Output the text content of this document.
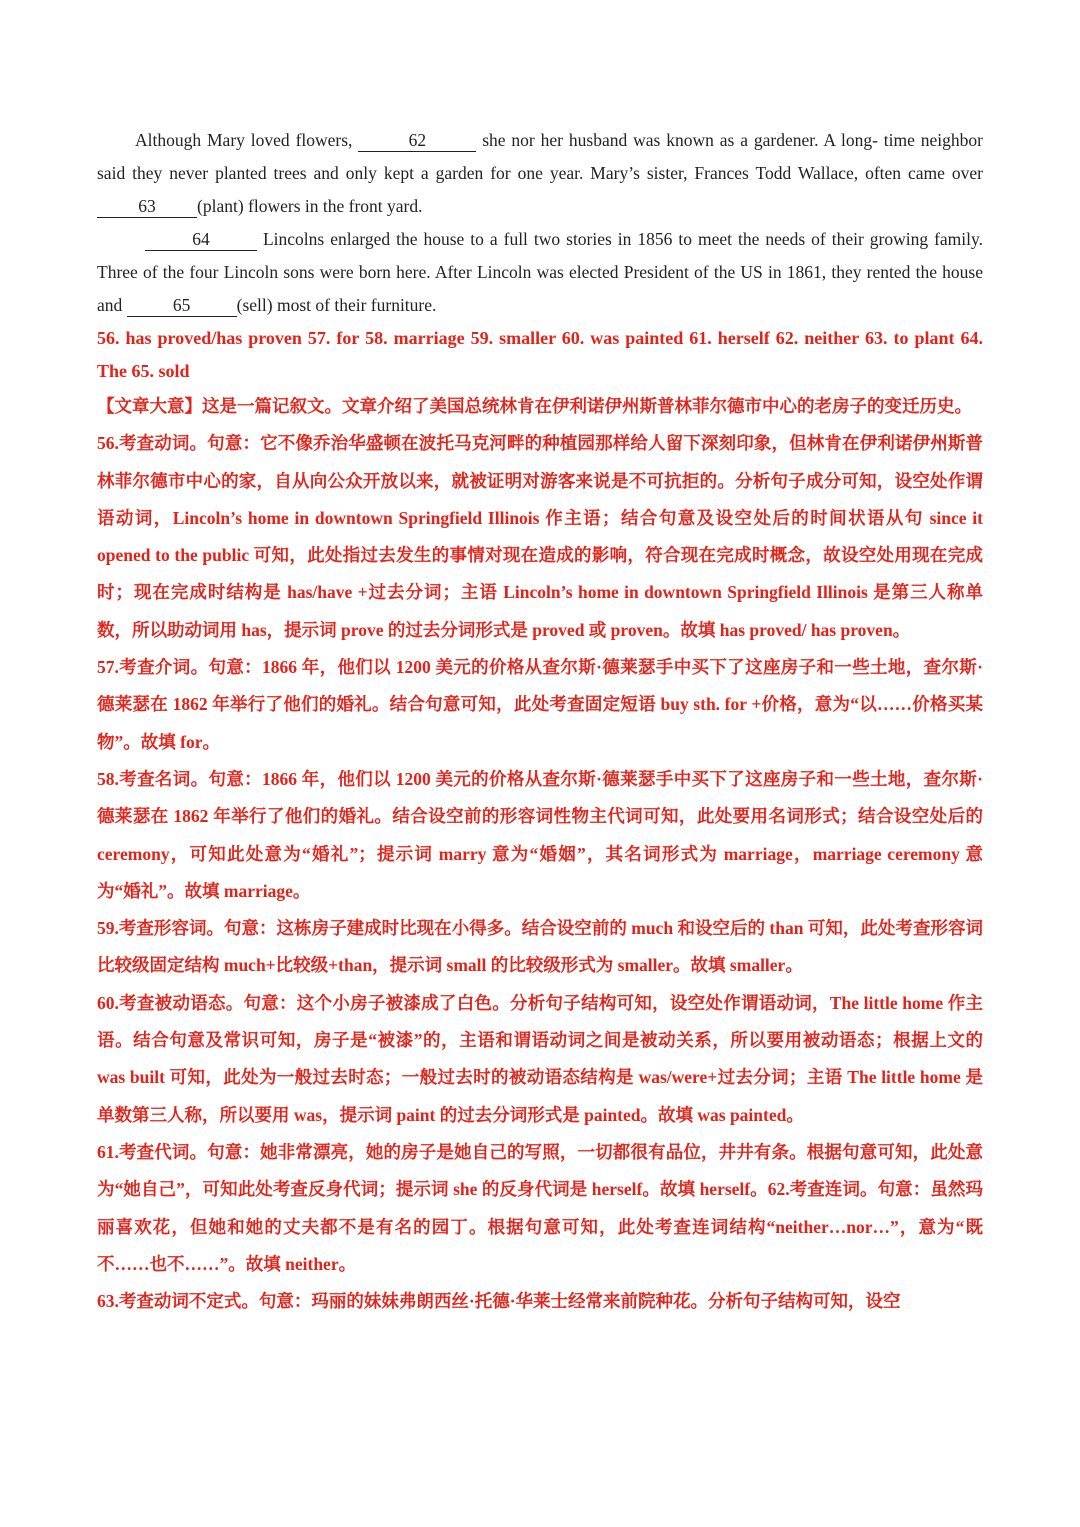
Although Mary loved flowers,	62	she nor her husband was known as a gardener. A long- time neighbor said they never planted trees and only kept a garden for one year. Mary’s sister, Frances Todd Wallace, often came over 63 (plant) flowers in the front yard.

64	Lincolns enlarged the house to a full two stories in 1856 to meet the needs of their growing family. Three of the four Lincoln sons were born here. After Lincoln was elected President of the US in 1861, they rented the house and	65	(sell) most of their furniture.

56. has proved/has proven 57. for 58. marriage 59. smaller 60. was painted 61. herself 62. neither 63. to plant 64. The 65. sold

【文章大意】这是一篇记叙文。文章介绍了美国总统林肯在伊利诺伊州斯普林菲尔德市中心的老房子的变迁历史。

56.考查动词。句意：它不像乔治华盛顿在波托马克河畔的种植园那样给人留下深刻印象，但林肯在伊利诺伊州斯普林菲尔德市中心的家，自从向公众开放以来，就被证明对游客来说是不可抗拒的。分析句子成分可知，设空处作谓语动词，Lincoln’s home in downtown Springfield Illinois 作主语；结合句意及设空处后的时间状语从句 since it opened to the public 可知，此处指过去发生的事情对现在造成的影响，符合现在完成时概念，故设空处用现在完成时；现在完成时结构是 has/have +过去分词；主语 Lincoln’s home in downtown Springfield Illinois 是第三人称单数，所以助动词用 has，提示词 prove 的过去分词形式是 proved 或 proven。故填 has proved/ has proven。

57.考查介词。句意：1866 年，他们以 1200 美元的价格从查尔斯·德莱瑟手中买下了这座房子和一些土地，查尔斯·德莱瑟在 1862 年举行了他们的婚礼。结合句意可知，此处考查固定短语 buy sth. for +价格，意为“以……价格买某物”。故填 for。

58.考查名词。句意：1866 年，他们以 1200 美元的价格从查尔斯·德莱瑟手中买下了这座房子和一些土地，查尔斯·德莱瑟在 1862 年举行了他们的婚礼。结合设空前的形容词性物主代词可知，此处要用名词形式；结合设空处后的 ceremony，可知此处意为“婚礼”；提示词 marry 意为“婚姻”，其名词形式为 marriage，marriage ceremony 意为“婚礼”。故填 marriage。

59.考查形容词。句意：这栋房子建成时比现在小得多。结合设空前的 much 和设空后的 than 可知，此处考查形容词比较级固定结构 much+比较级+than，提示词 small 的比较级形式为 smaller。故填 smaller。

60.考查被动语态。句意：这个小房子被漆成了白色。分析句子结构可知，设空处作谓语动词，The little home 作主语。结合句意及常识可知，房子是“被漆”的，主语和谓语动词之间是被动关系，所以要用被动语态；根据上文的 was built 可知，此处为一般过去时态；一般过去时的被动语态结构是 was/were+过去分词；主语 The little home 是单数第三人称，所以要用 was，提示词 paint 的过去分词形式是 painted。故填 was painted。

61.考查代词。句意：她非常漂亮，她的房子是她自己的写照，一切都很有品位，井井有条。根据句意可知，此处意为“她自己”，可知此处考查反身代词；提示词 she 的反身代词是 herself。故填 herself。62.考查连词。句意：虽然玛丽喜欢花，但她和她的丈夫都不是有名的园丁。根据句意可知，此处考查连词结构“neither…nor…”，意为“既不……也不……”。故填 neither。

63.考查动词不定式。句意：玛丽的妹妹弗朗西丝·托德·华莱士经常来前院种花。分析句子结构可知，设空
